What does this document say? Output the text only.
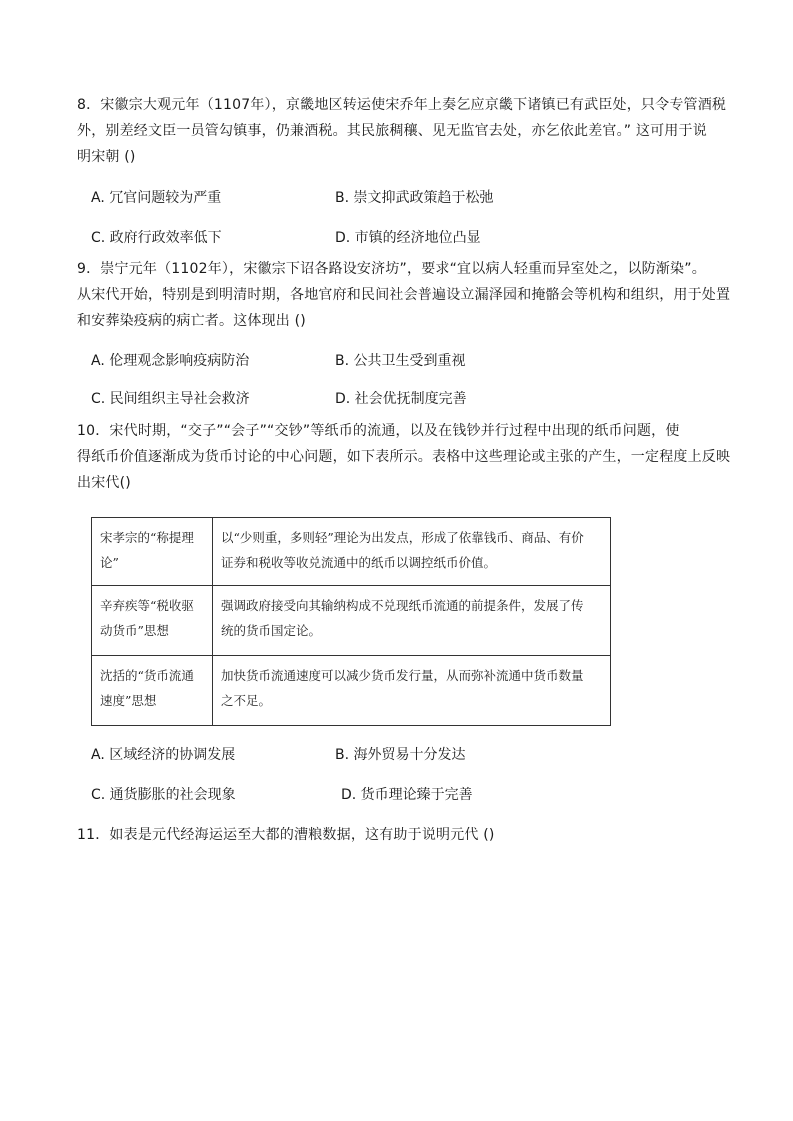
8．宋徽宗大观元年（1107年），京畿地区转运使宋乔年上奏乞应京畿下诸镇已有武臣处，只令专管酒税
外，别差经文臣一员管勾镇事，仍兼酒税。其民旅稠穰、见无监官去处，亦乞依此差官。” 这可用于说
明宋朝 ()
A. 冗官问题较为严重	B. 崇文抑武政策趋于松弛
C. 政府行政效率低下	D. 市镇的经济地位凸显
9．崇宁元年（1102年），宋徽宗下诏各路设安济坊”，要求“宜以病人轻重而异室处之，以防渐染”。
从宋代开始，特别是到明清时期，各地官府和民间社会普遍设立漏泽园和掩骼会等机构和组织，用于处置
和安葬染疫病的病亡者。这体现出 ()
A. 伦理观念影响疫病防治	B. 公共卫生受到重视
C. 民间组织主导社会救济	D. 社会优抚制度完善
10．宋代时期，“交子”“会子”“交钞”等纸币的流通，以及在钱钞并行过程中出现的纸币问题，使
得纸币价值逐渐成为货币讨论的中心问题，如下表所示。表格中这些理论或主张的产生，一定程度上反映
出宋代()
宋孝宗的“称提理
论”	以“少则重，多则轻”理论为出发点，形成了依靠钱币、商品、有价
证券和税收等收兑流通中的纸币以调控纸币价值。
辛弃疾等“税收驱
动货币”思想	强调政府接受向其输纳构成不兑现纸币流通的前提条件，发展了传
统的货币国定论。
沈括的“货币流通
速度”思想	加快货币流通速度可以减少货币发行量，从而弥补流通中货币数量
之不足。
A. 区域经济的协调发展	B. 海外贸易十分发达
C. 通货膨胀的社会现象	D. 货币理论臻于完善
11．如表是元代经海运运至大都的漕粮数据，这有助于说明元代 ()
